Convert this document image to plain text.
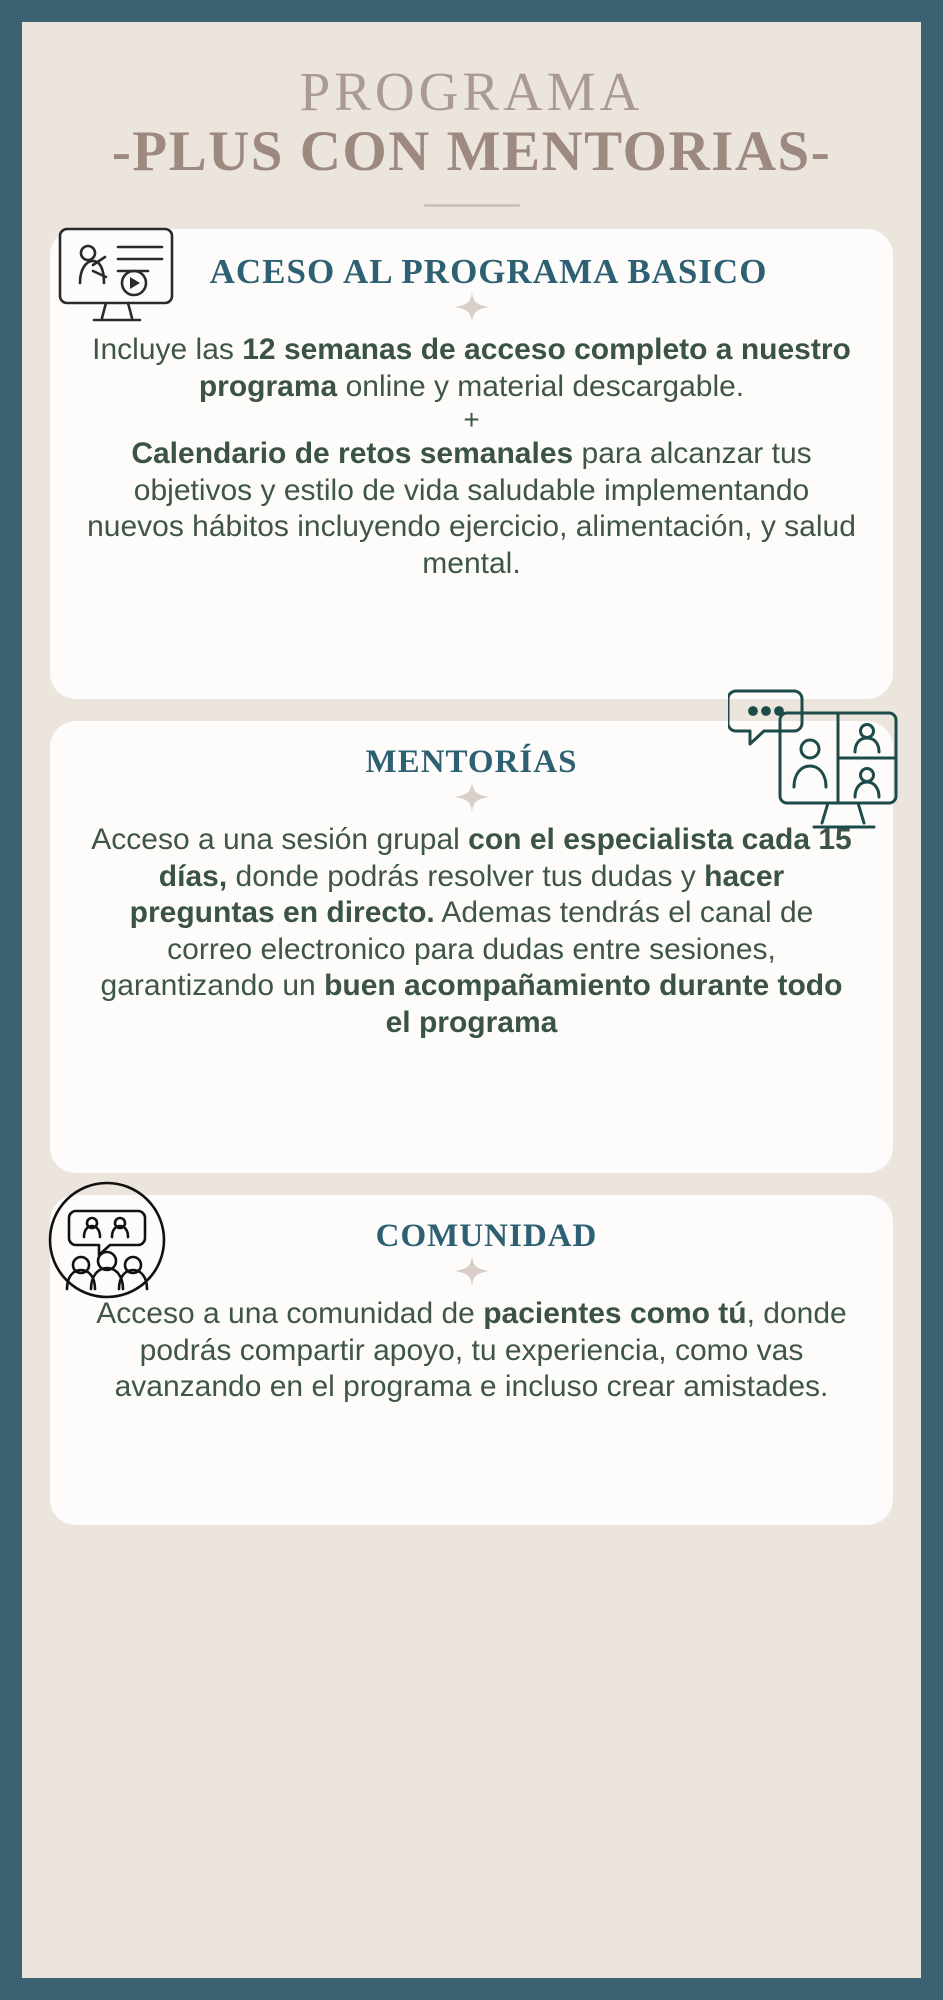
PROGRAMA
-PLUS CON MENTORIAS-
ACESO AL PROGRAMA BASICO
Incluye las 12 semanas de acceso completo a nuestro programa online y material descargable.
+
Calendario de retos semanales para alcanzar tus objetivos y estilo de vida saludable implementando nuevos hábitos incluyendo ejercicio, alimentación, y salud mental.
MENTORÍAS
Acceso a una sesión grupal con el especialista cada 15 días, donde podrás resolver tus dudas y hacer preguntas en directo. Ademas tendrás el canal de correo electronico para dudas entre sesiones, garantizando un buen acompañamiento durante todo el programa
COMUNIDAD
Acceso a una comunidad de pacientes como tú, donde podrás compartir apoyo, tu experiencia, como vas avanzando en el programa e incluso crear amistades.
